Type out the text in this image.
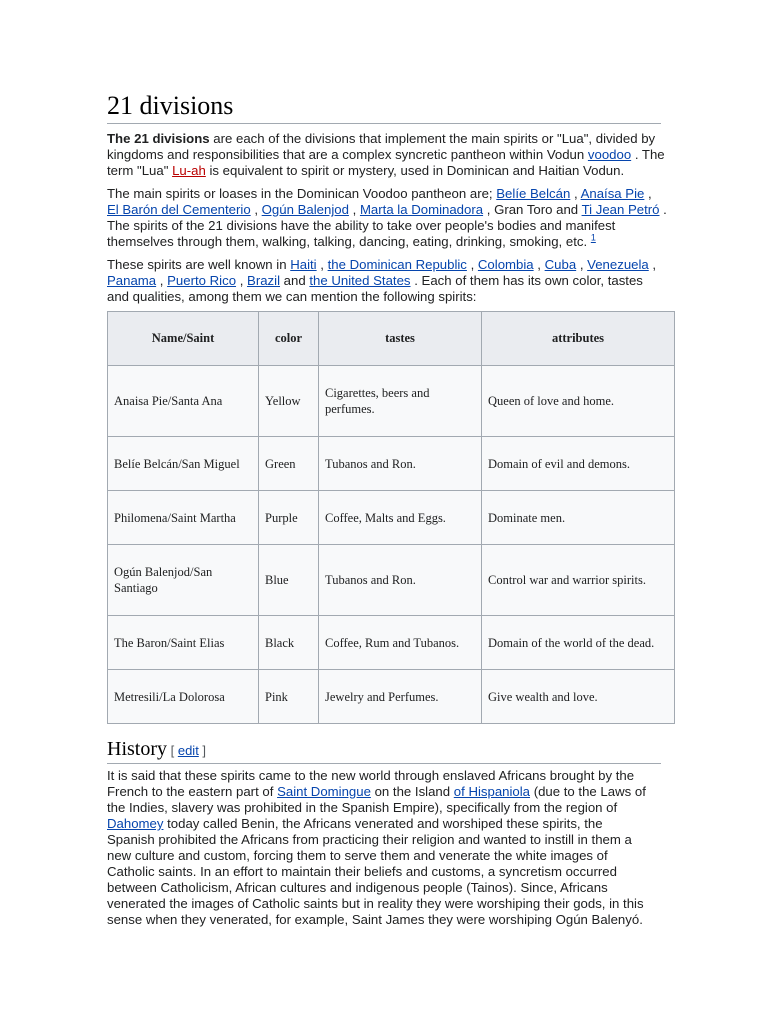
21 divisions

The 21 divisions are each of the divisions that implement the main spirits or "Lua", divided by kingdoms and responsibilities that are a complex syncretic pantheon within Vodun voodoo . The term "Lua" Lu-ah is equivalent to spirit or mystery, used in Dominican and Haitian Vodun.

The main spirits or loases in the Dominican Voodoo pantheon are; Belíe Belcán , Anaísa Pie , El Barón del Cementerio , Ogún Balenjod , Marta la Dominadora , Gran Toro and Ti Jean Petró . The spirits of the 21 divisions have the ability to take over people's bodies and manifest themselves through them, walking, talking, dancing, eating, drinking, smoking, etc. $^1$

These spirits are well known in Haiti , the Dominican Republic , Colombia , Cuba , Venezuela , Panama , Puerto Rico , Brazil and the United States . Each of them has its own color, tastes and qualities, among them we can mention the following spirits:

Name/Saint	color	tastes	attributes
Anaisa Pie/Santa Ana	Yellow	Cigarettes, beers and perfumes.	Queen of love and home.
Belíe Belcán/San Miguel	Green	Tubanos and Ron.	Domain of evil and demons.
Philomena/Saint Martha	Purple	Coffee, Malts and Eggs.	Dominate men.
Ogún Balenjod/San Santiago	Blue	Tubanos and Ron.	Control war and warrior spirits.
The Baron/Saint Elias	Black	Coffee, Rum and Tubanos.	Domain of the world of the dead.
Metresili/La Dolorosa	Pink	Jewelry and Perfumes.	Give wealth and love.
History [ edit ]

It is said that these spirits came to the new world through enslaved Africans brought by the French to the eastern part of Saint Domingue on the Island of Hispaniola (due to the Laws of the Indies, slavery was prohibited in the Spanish Empire), specifically from the region of Dahomey today called Benin, the Africans venerated and worshiped these spirits, the Spanish prohibited the Africans from practicing their religion and wanted to instill in them a new culture and custom, forcing them to serve them and venerate the white images of Catholic saints. In an effort to maintain their beliefs and customs, a syncretism occurred between Catholicism, African cultures and indigenous people (Tainos). Since, Africans venerated the images of Catholic saints but in reality they were worshiping their gods, in this sense when they venerated, for example, Saint James they were worshiping Ogún Balenyó.
